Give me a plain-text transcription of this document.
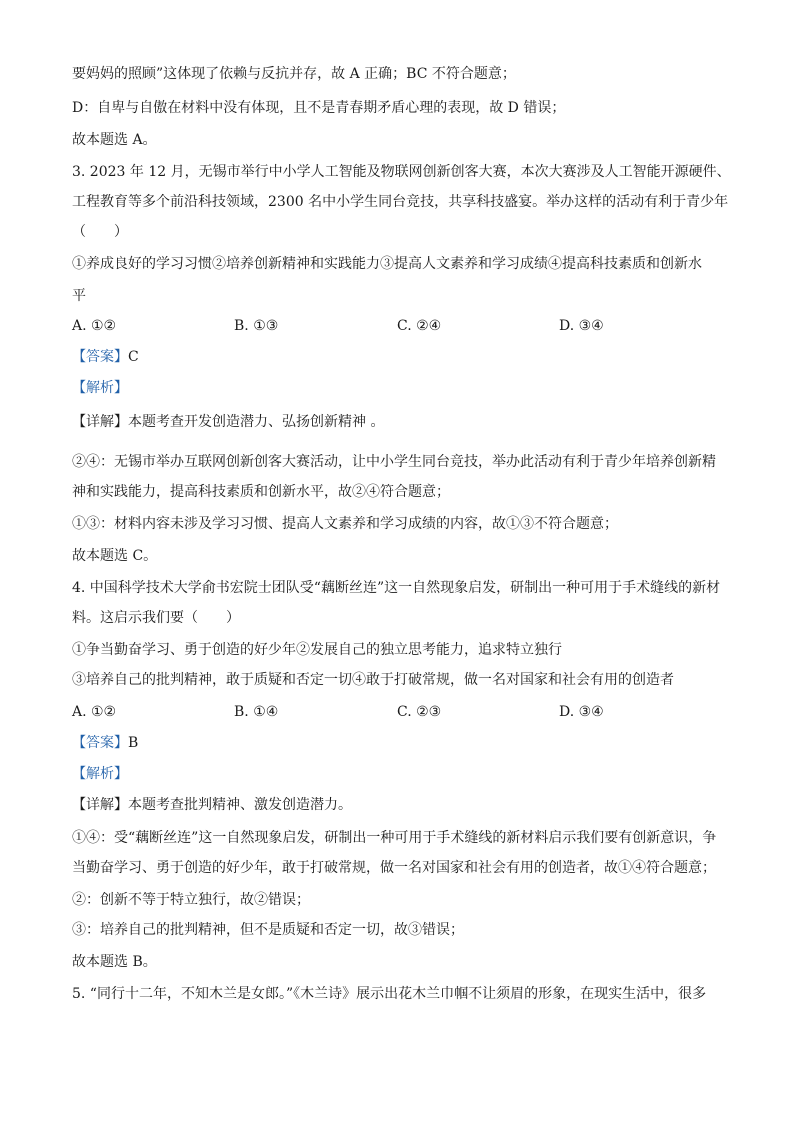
要妈妈的照顾”这体现了依赖与反抗并存，故 A 正确；BC 不符合题意；
D：自卑与自傲在材料中没有体现，且不是青春期矛盾心理的表现，故 D 错误；
故本题选 A。
3. 2023 年 12 月，无锡市举行中小学人工智能及物联网创新创客大赛，本次大赛涉及人工智能开源硬件、
工程教育等多个前沿科技领域，2300 名中小学生同台竞技，共享科技盛宴。举办这样的活动有利于青少年
（　　）
①养成良好的学习习惯②培养创新精神和实践能力③提高人文素养和学习成绩④提高科技素质和创新水
平
A. ①②	B. ①③	C. ②④	D. ③④
【答案】C
【解析】
【详解】本题考查开发创造潜力、弘扬创新精神 。
②④：无锡市举办互联网创新创客大赛活动，让中小学生同台竞技，举办此活动有利于青少年培养创新精
神和实践能力，提高科技素质和创新水平，故②④符合题意；
①③：材料内容未涉及学习习惯、提高人文素养和学习成绩的内容，故①③不符合题意；
故本题选 C。
4. 中国科学技术大学俞书宏院士团队受“藕断丝连”这一自然现象启发，研制出一种可用于手术缝线的新材
料。这启示我们要（　　）
①争当勤奋学习、勇于创造的好少年②发展自己的独立思考能力，追求特立独行
③培养自己的批判精神，敢于质疑和否定一切④敢于打破常规，做一名对国家和社会有用的创造者
A. ①②	B. ①④	C. ②③	D. ③④
【答案】B
【解析】
【详解】本题考查批判精神、激发创造潜力。
①④：受“藕断丝连”这一自然现象启发，研制出一种可用于手术缝线的新材料启示我们要有创新意识，争
当勤奋学习、勇于创造的好少年，敢于打破常规，做一名对国家和社会有用的创造者，故①④符合题意；
②：创新不等于特立独行，故②错误；
③：培养自己的批判精神，但不是质疑和否定一切，故③错误；
故本题选 B。
5. “同行十二年，不知木兰是女郎。”《木兰诗》展示出花木兰巾帼不让须眉的形象，在现实生活中，很多
